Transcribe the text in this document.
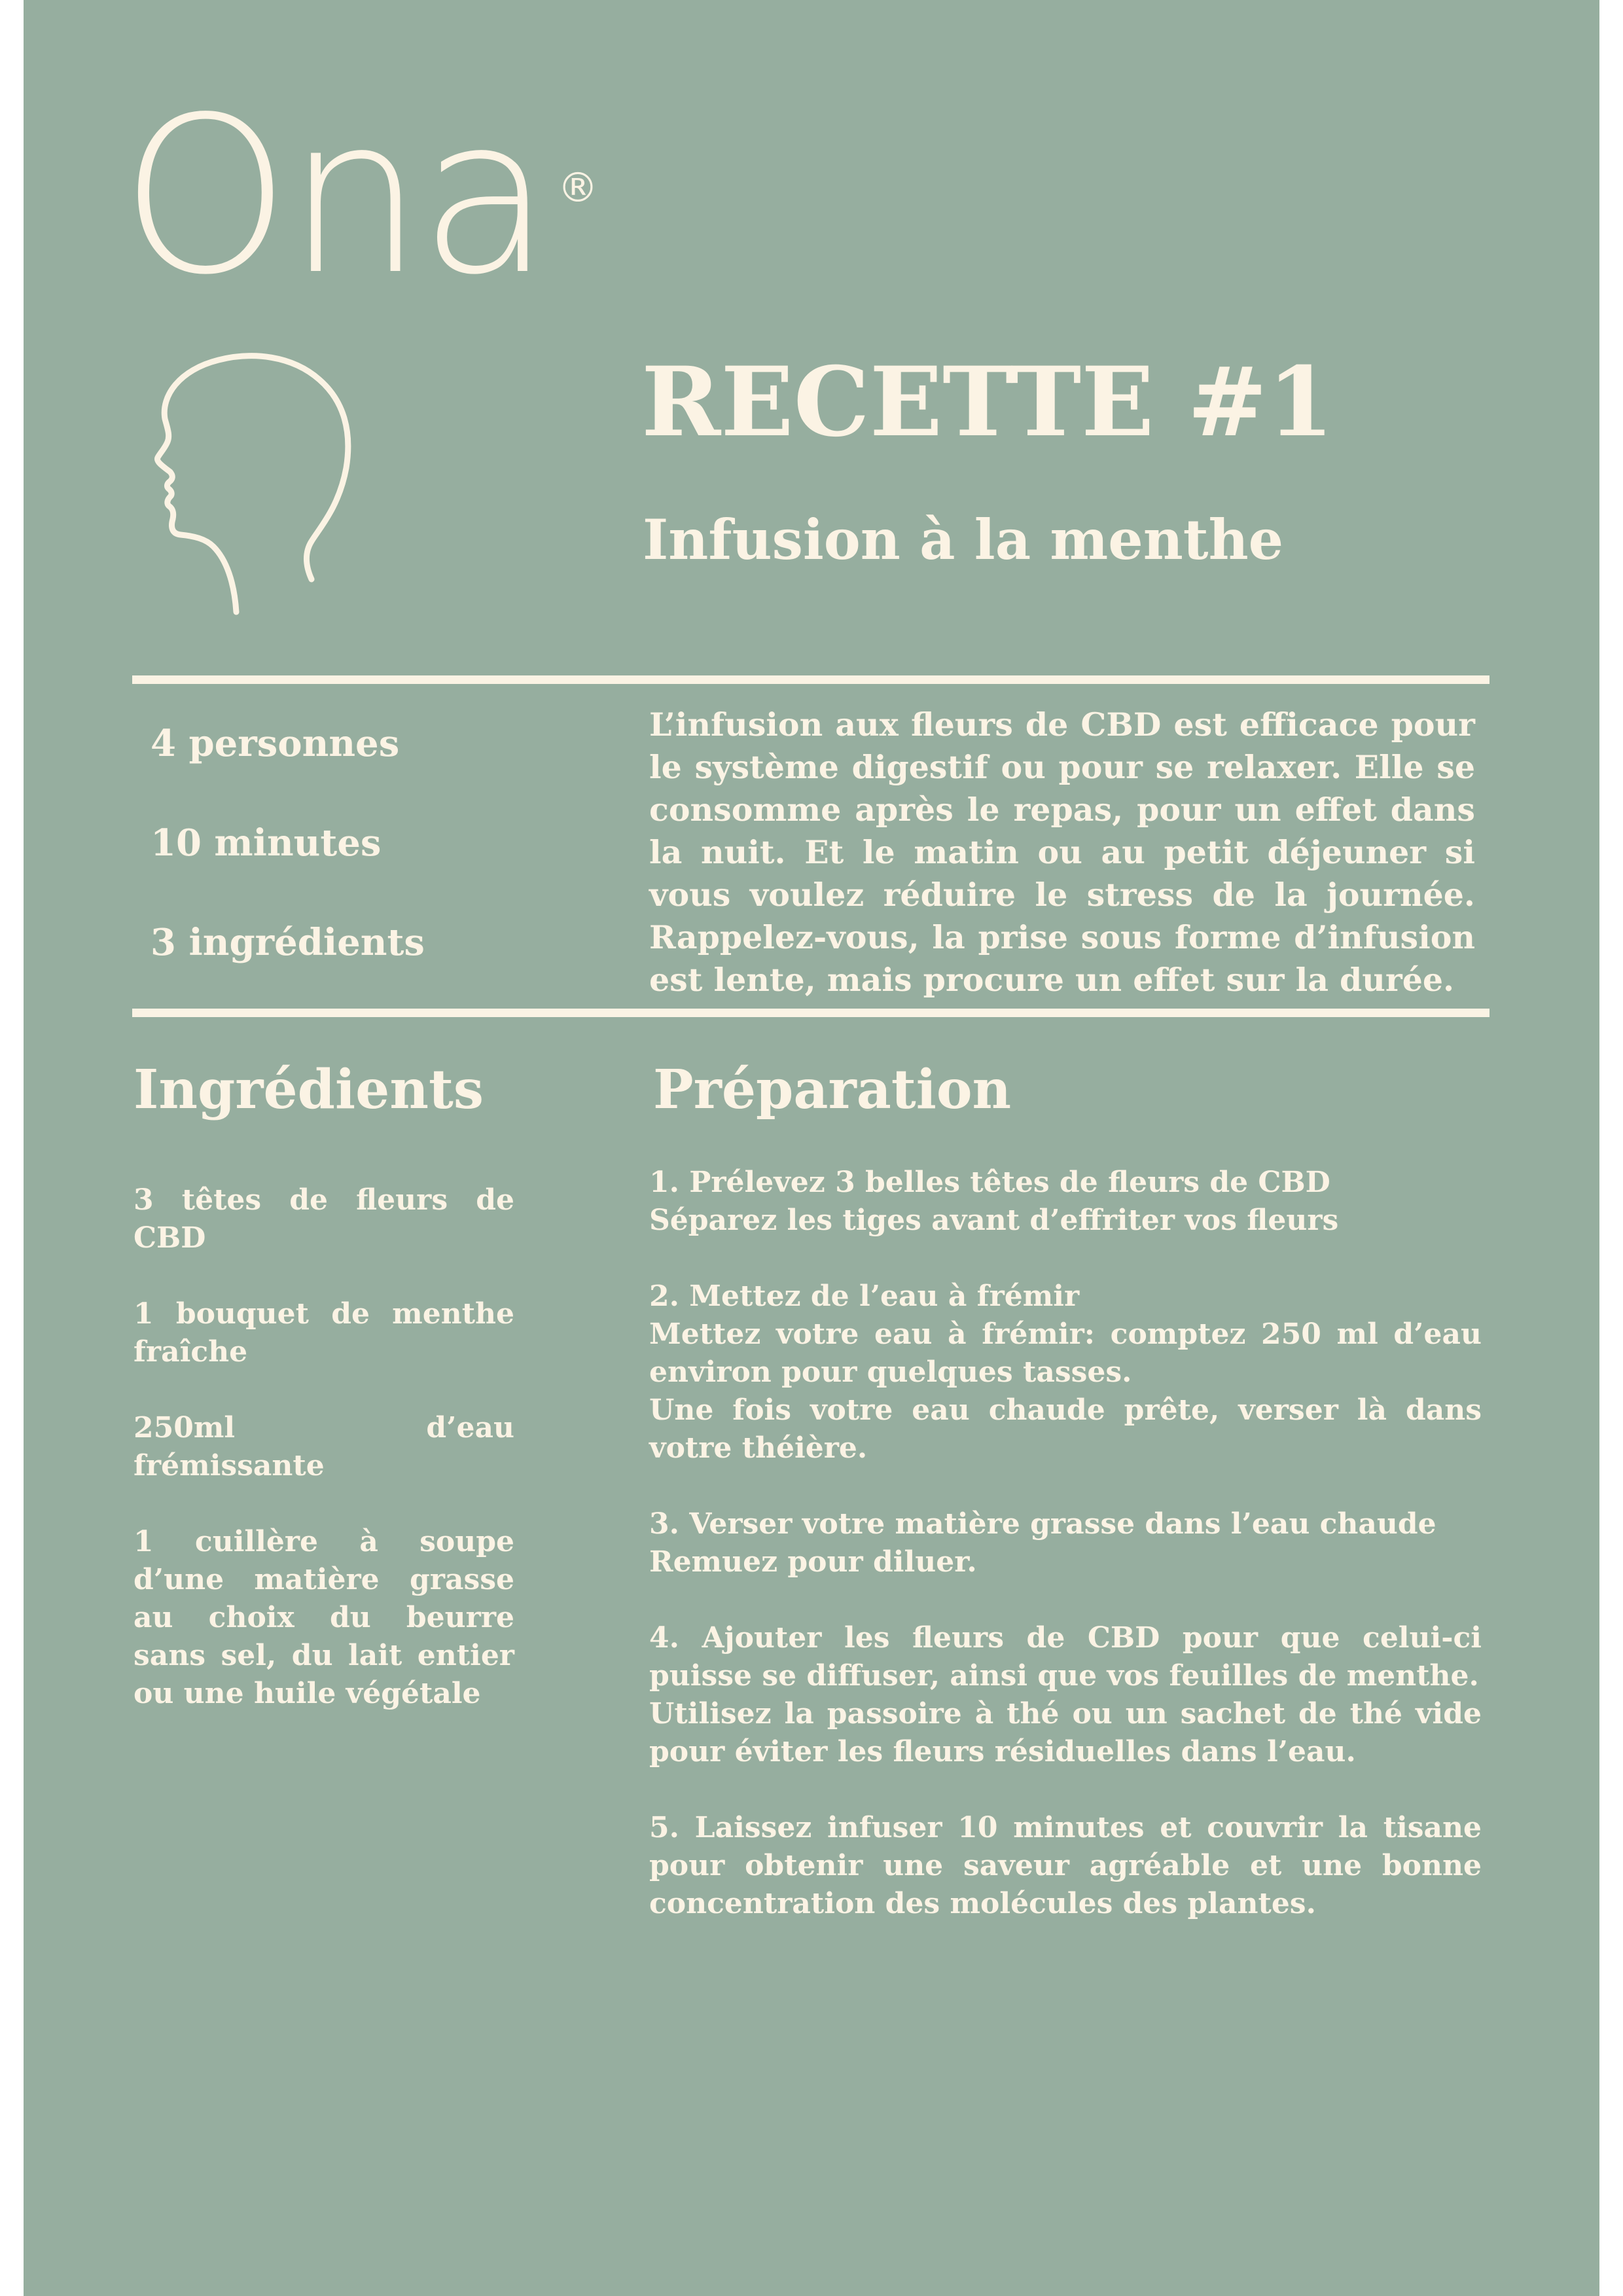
Ona ®
RECETTE #1
Infusion à la menthe

4 personnes

10 minutes

3 ingrédients

L’infusion aux fleurs de CBD est efficace pour le système digestif ou pour se relaxer. Elle se consomme après le repas, pour un effet dans la nuit. Et le matin ou au petit déjeuner si vous voulez réduire le stress de la journée. Rappelez-vous, la prise sous forme d’infusion est lente, mais procure un effet sur la durée.

Ingrédients	Préparation
3 têtes de fleurs de CBD
1 bouquet de menthe fraîche
250ml d’eau frémissante
1 cuillère à soupe d’une matière grasse au choix du beurre sans sel, du lait entier ou une huile végétale
1. Prélevez 3 belles têtes de fleurs de CBD
Séparez les tiges avant d’effriter vos fleurs
2. Mettez de l’eau à frémir
Mettez votre eau à frémir: comptez 250 ml d’eau environ pour quelques tasses.
Une fois votre eau chaude prête, verser là dans votre théière.
3. Verser votre matière grasse dans l’eau chaude
Remuez pour diluer.
4. Ajouter les fleurs de CBD pour que celui-ci puisse se diffuser, ainsi que vos feuilles de menthe.
Utilisez la passoire à thé ou un sachet de thé vide pour éviter les fleurs résiduelles dans l’eau.
5. Laissez infuser 10 minutes et couvrir la tisane pour obtenir une saveur agréable et une bonne concentration des molécules des plantes.
